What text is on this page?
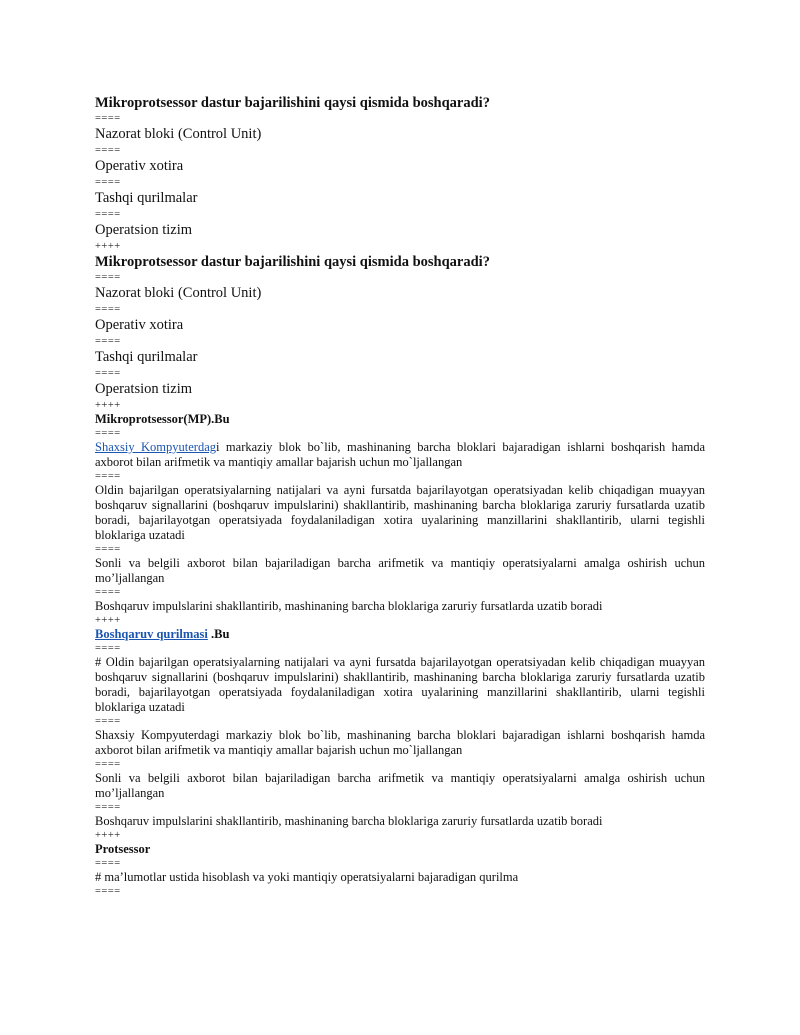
Mikroprotsessor dastur bajarilishini qaysi qismida boshqaradi?

====

Nazorat bloki (Control Unit)

====

Operativ xotira

====

Tashqi qurilmalar

====

Operatsion tizim

++++

Mikroprotsessor dastur bajarilishini qaysi qismida boshqaradi?

====

Nazorat bloki (Control Unit)

====

Operativ xotira

====

Tashqi qurilmalar

====

Operatsion tizim

++++

Mikroprotsessor(MP).Bu

====

Shaxsiy Kompyuterdagi markaziy blok bo`lib, mashinaning barcha bloklari bajaradigan ishlarni boshqarish hamda axborot bilan arifmetik va mantiqiy amallar bajarish uchun mo`ljallangan

====

Oldin bajarilgan operatsiyalarning natijalari va ayni fursatda bajarilayotgan operatsiyadan kelib chiqadigan muayyan boshqaruv signallarini (boshqaruv impulslarini) shakllantirib, mashinaning barcha bloklariga zaruriy fursatlarda uzatib boradi, bajarilayotgan operatsiyada foydalaniladigan xotira uyalarining manzillarini shakllantirib, ularni tegishli bloklariga uzatadi

====

Sonli va belgili axborot bilan bajariladigan barcha arifmetik va mantiqiy operatsiyalarni amalga oshirish uchun mo’ljallangan

====

Boshqaruv impulslarini shakllantirib, mashinaning barcha bloklariga zaruriy fursatlarda uzatib boradi

++++

Boshqaruv qurilmasi .Bu

====

# Oldin bajarilgan operatsiyalarning natijalari va ayni fursatda bajarilayotgan operatsiyadan kelib chiqadigan muayyan boshqaruv signallarini (boshqaruv impulslarini) shakllantirib, mashinaning barcha bloklariga zaruriy fursatlarda uzatib boradi, bajarilayotgan operatsiyada foydalaniladigan xotira uyalarining manzillarini shakllantirib, ularni tegishli bloklariga uzatadi

====

Shaxsiy Kompyuterdagi markaziy blok bo`lib, mashinaning barcha bloklari bajaradigan ishlarni boshqarish hamda axborot bilan arifmetik va mantiqiy amallar bajarish uchun mo`ljallangan

====

Sonli va belgili axborot bilan bajariladigan barcha arifmetik va mantiqiy operatsiyalarni amalga oshirish uchun mo’ljallangan

====

Boshqaruv impulslarini shakllantirib, mashinaning barcha bloklariga zaruriy fursatlarda uzatib boradi

++++

Protsessor

====

# ma’lumotlar ustida hisoblash va yoki mantiqiy operatsiyalarni bajaradigan qurilma

====
